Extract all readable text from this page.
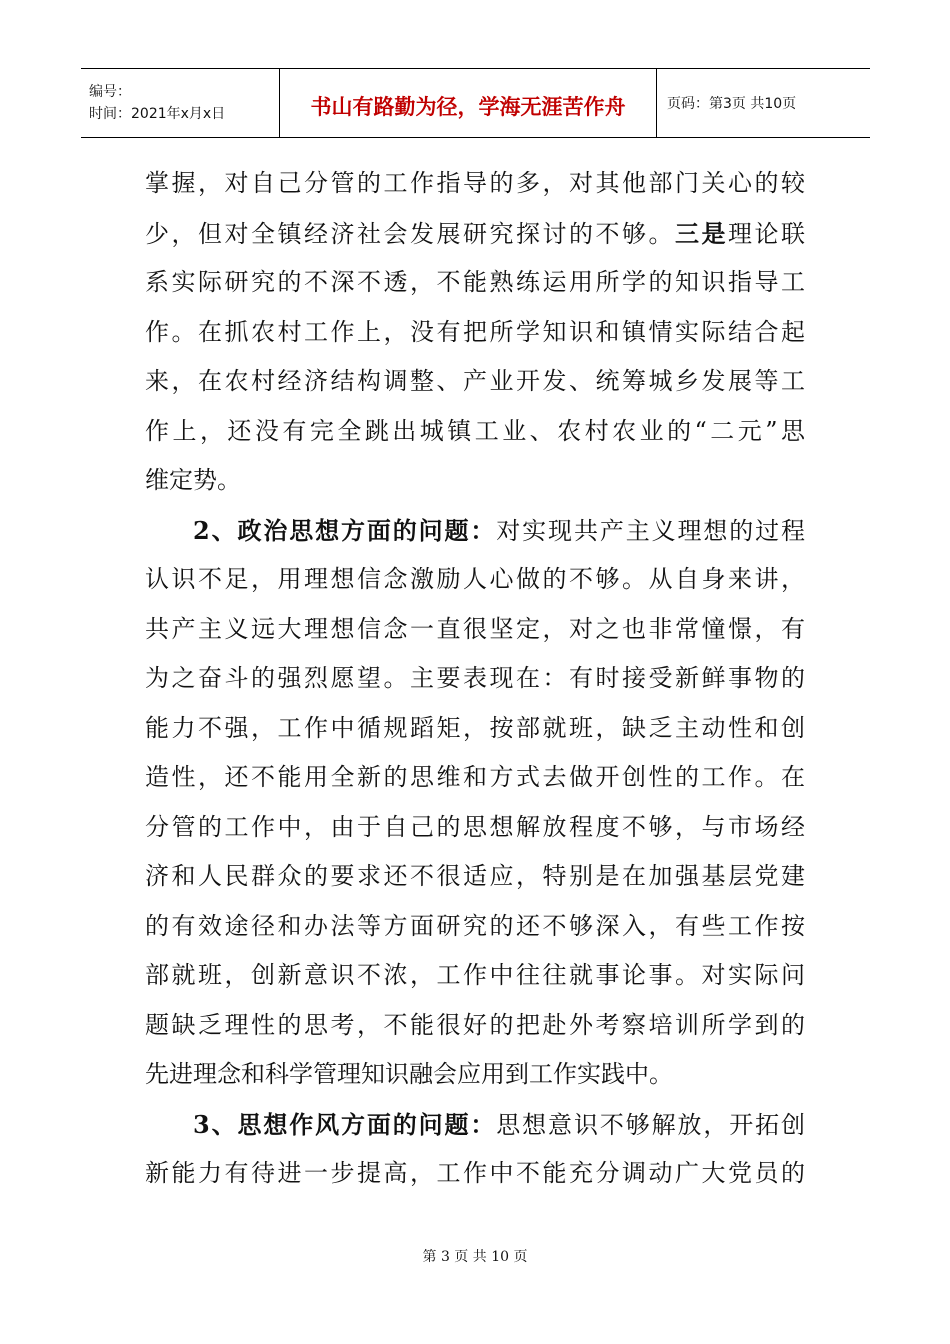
编号：
时间：2021年x月x日	书山有路勤为径，学海无涯苦作舟	页码：第3页 共10页
掌握，对自己分管的工作指导的多，对其他部门关心的较
少，但对全镇经济社会发展研究探讨的不够。三是理论联
系实际研究的不深不透，不能熟练运用所学的知识指导工
作。在抓农村工作上，没有把所学知识和镇情实际结合起
来，在农村经济结构调整、产业开发、统筹城乡发展等工
作上，还没有完全跳出城镇工业、农村农业的“二元”思
维定势。
2、政治思想方面的问题：对实现共产主义理想的过程
认识不足，用理想信念激励人心做的不够。从自身来讲，
共产主义远大理想信念一直很坚定，对之也非常憧憬，有
为之奋斗的强烈愿望。主要表现在：有时接受新鲜事物的
能力不强，工作中循规蹈矩，按部就班，缺乏主动性和创
造性，还不能用全新的思维和方式去做开创性的工作。在
分管的工作中，由于自己的思想解放程度不够，与市场经
济和人民群众的要求还不很适应，特别是在加强基层党建
的有效途径和办法等方面研究的还不够深入，有些工作按
部就班，创新意识不浓，工作中往往就事论事。对实际问
题缺乏理性的思考，不能很好的把赴外考察培训所学到的
先进理念和科学管理知识融会应用到工作实践中。
3、思想作风方面的问题：思想意识不够解放，开拓创
新能力有待进一步提高，工作中不能充分调动广大党员的
第 3 页 共 10 页
